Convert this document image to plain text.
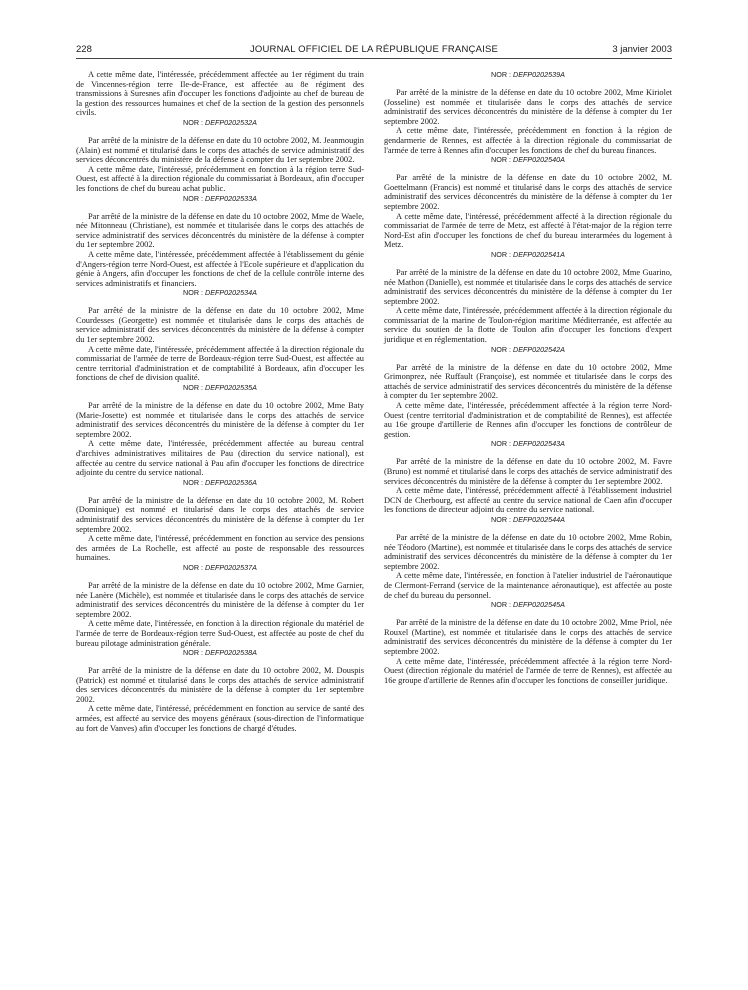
228	JOURNAL OFFICIEL DE LA RÉPUBLIQUE FRANÇAISE	3 janvier 2003

A cette même date, l'intéressée, précédemment affectée au 1er régiment du train de Vincennes-région terre Ile-de-France, est affectée au 8e régiment des transmissions à Suresnes afin d'occuper les fonctions d'adjointe au chef de bureau de la gestion des ressources humaines et chef de la section de la gestion des personnels civils.

NOR : DEFP0202532A

Par arrêté de la ministre de la défense en date du 10 octobre 2002, M. Jeanmougin (Alain) est nommé et titularisé dans le corps des attachés de service administratif des services déconcentrés du ministère de la défense à compter du 1er septembre 2002.

A cette même date, l'intéressé, précédemment en fonction à la région terre Sud-Ouest, est affecté à la direction régionale du commissariat à Bordeaux, afin d'occuper les fonctions de chef du bureau achat public.

NOR : DEFP0202533A

Par arrêté de la ministre de la défense en date du 10 octobre 2002, Mme de Waele, née Mitonneau (Christiane), est nommée et titularisée dans le corps des attachés de service administratif des services déconcentrés du ministère de la défense à compter du 1er septembre 2002.

A cette même date, l'intéressée, précédemment affectée à l'établissement du génie d'Angers-région terre Nord-Ouest, est affectée à l'Ecole supérieure et d'application du génie à Angers, afin d'occuper les fonctions de chef de la cellule contrôle interne des services administratifs et financiers.

NOR : DEFP0202534A

Par arrêté de la ministre de la défense en date du 10 octobre 2002, Mme Courdesses (Georgette) est nommée et titularisée dans le corps des attachés de service administratif des services déconcentrés du ministère de la défense à compter du 1er septembre 2002.

A cette même date, l'intéressée, précédemment affectée à la direction régionale du commissariat de l'armée de terre de Bordeaux-région terre Sud-Ouest, est affectée au centre territorial d'administration et de comptabilité à Bordeaux, afin d'occuper les fonctions de chef de division qualité.

NOR : DEFP0202535A

Par arrêté de la ministre de la défense en date du 10 octobre 2002, Mme Baty (Marie-Josette) est nommée et titularisée dans le corps des attachés de service administratif des services déconcentrés du ministère de la défense à compter du 1er septembre 2002.

A cette même date, l'intéressée, précédemment affectée au bureau central d'archives administratives militaires de Pau (direction du service national), est affectée au centre du service national à Pau afin d'occuper les fonctions de directrice adjointe du centre du service national.

NOR : DEFP0202536A

Par arrêté de la ministre de la défense en date du 10 octobre 2002, M. Robert (Dominique) est nommé et titularisé dans le corps des attachés de service administratif des services déconcentrés du ministère de la défense à compter du 1er septembre 2002.

A cette même date, l'intéressé, précédemment en fonction au service des pensions des armées de La Rochelle, est affecté au poste de responsable des ressources humaines.

NOR : DEFP0202537A

Par arrêté de la ministre de la défense en date du 10 octobre 2002, Mme Garnier, née Lanère (Michèle), est nommée et titularisée dans le corps des attachés de service administratif des services déconcentrés du ministère de la défense à compter du 1er septembre 2002.

A cette même date, l'intéressée, en fonction à la direction régionale du matériel de l'armée de terre de Bordeaux-région terre Sud-Ouest, est affectée au poste de chef du bureau pilotage administration générale.

NOR : DEFP0202538A

Par arrêté de la ministre de la défense en date du 10 octobre 2002, M. Douspis (Patrick) est nommé et titularisé dans le corps des attachés de service administratif des services déconcentrés du ministère de la défense à compter du 1er septembre 2002.

A cette même date, l'intéressé, précédemment en fonction au service de santé des armées, est affecté au service des moyens généraux (sous-direction de l'informatique au fort de Vanves) afin d'occuper les fonctions de chargé d'études.

NOR : DEFP0202539A

Par arrêté de la ministre de la défense en date du 10 octobre 2002, Mme Kiriolet (Josseline) est nommée et titularisée dans le corps des attachés de service administratif des services déconcentrés du ministère de la défense à compter du 1er septembre 2002.

A cette même date, l'intéressée, précédemment en fonction à la région de gendarmerie de Rennes, est affectée à la direction régionale du commissariat de l'armée de terre à Rennes afin d'occuper les fonctions de chef du bureau finances.

NOR : DEFP0202540A

Par arrêté de la ministre de la défense en date du 10 octobre 2002, M. Goettelmann (Francis) est nommé et titularisé dans le corps des attachés de service administratif des services déconcentrés du ministère de la défense à compter du 1er septembre 2002.

A cette même date, l'intéressé, précédemment affecté à la direction régionale du commissariat de l'armée de terre de Metz, est affecté à l'état-major de la région terre Nord-Est afin d'occuper les fonctions de chef du bureau interarmées du logement à Metz.

NOR : DEFP0202541A

Par arrêté de la ministre de la défense en date du 10 octobre 2002, Mme Guarino, née Mathon (Danielle), est nommée et titularisée dans le corps des attachés de service administratif des services déconcentrés du ministère de la défense à compter du 1er septembre 2002.

A cette même date, l'intéressée, précédemment affectée à la direction régionale du commissariat de la marine de Toulon-région maritime Méditerranée, est affectée au service du soutien de la flotte de Toulon afin d'occuper les fonctions d'expert juridique et en réglementation.

NOR : DEFP0202542A

Par arrêté de la ministre de la défense en date du 10 octobre 2002, Mme Grimonprez, née Ruffault (Françoise), est nommée et titularisée dans le corps des attachés de service administratif des services déconcentrés du ministère de la défense à compter du 1er septembre 2002.

A cette même date, l'intéressée, précédemment affectée à la région terre Nord-Ouest (centre territorial d'administration et de comptabilité de Rennes), est affectée au 16e groupe d'artillerie de Rennes afin d'occuper les fonctions de contrôleur de gestion.

NOR : DEFP0202543A

Par arrêté de la ministre de la défense en date du 10 octobre 2002, M. Favre (Bruno) est nommé et titularisé dans le corps des attachés de service administratif des services déconcentrés du ministère de la défense à compter du 1er septembre 2002.

A cette même date, l'intéressé, précédemment affecté à l'établissement industriel DCN de Cherbourg, est affecté au centre du service national de Caen afin d'occuper les fonctions de directeur adjoint du centre du service national.

NOR : DEFP0202544A

Par arrêté de la ministre de la défense en date du 10 octobre 2002, Mme Robin, née Téodoro (Martine), est nommée et titularisée dans le corps des attachés de service administratif des services déconcentrés du ministère de la défense à compter du 1er septembre 2002.

A cette même date, l'intéressée, en fonction à l'atelier industriel de l'aéronautique de Clermont-Ferrand (service de la maintenance aéronautique), est affectée au poste de chef du bureau du personnel.

NOR : DEFP0202545A

Par arrêté de la ministre de la défense en date du 10 octobre 2002, Mme Priol, née Rouxel (Martine), est nommée et titularisée dans le corps des attachés de service administratif des services déconcentrés du ministère de la défense à compter du 1er septembre 2002.

A cette même date, l'intéressée, précédemment affectée à la région terre Nord-Ouest (direction régionale du matériel de l'armée de terre de Rennes), est affectée au 16e groupe d'artillerie de Rennes afin d'occuper les fonctions de conseiller juridique.
